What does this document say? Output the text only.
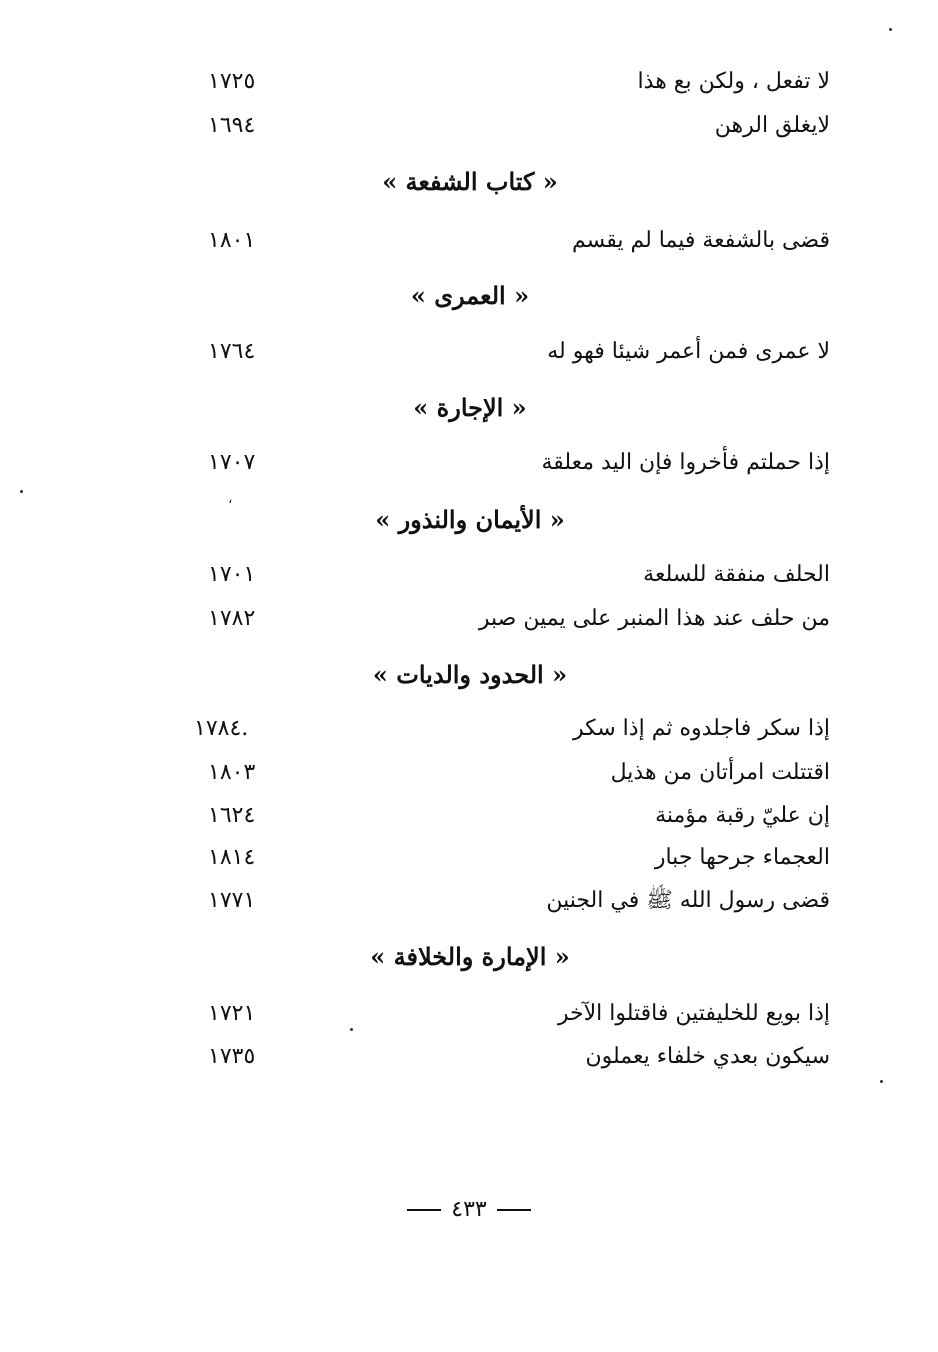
لا تفعل ، ولكن بع هذا
١٧٢٥
لايغلق الرهن
١٦٩٤
« كتاب الشفعة »
قضى بالشفعة فيما لم يقسم
١٨٠١
« العمرى »
لا عمرى فمن أعمر شيئا فهو له
١٧٦٤
« الإجارة »
إذا حملتم فأخروا فإن اليد معلقة
١٧٠٧
،
« الأيمان والنذور »
الحلف منفقة للسلعة
١٧٠١
من حلف عند هذا المنبر على يمين صبر
١٧٨٢
« الحدود والديات »
إذا سكر فاجلدوه ثم إذا سكر
١٧٨٤.
اقتتلت امرأتان من هذيل
١٨٠٣
إن عليّ رقبة مؤمنة
١٦٢٤
العجماء جرحها جبار
١٨١٤
قضى رسول الله ﷺ في الجنين
١٧٧١
« الإمارة والخلافة »
إذا بويع للخليفتين فاقتلوا الآخر
١٧٢١
سيكون بعدي خلفاء يعملون
١٧٣٥
٤٣٣
